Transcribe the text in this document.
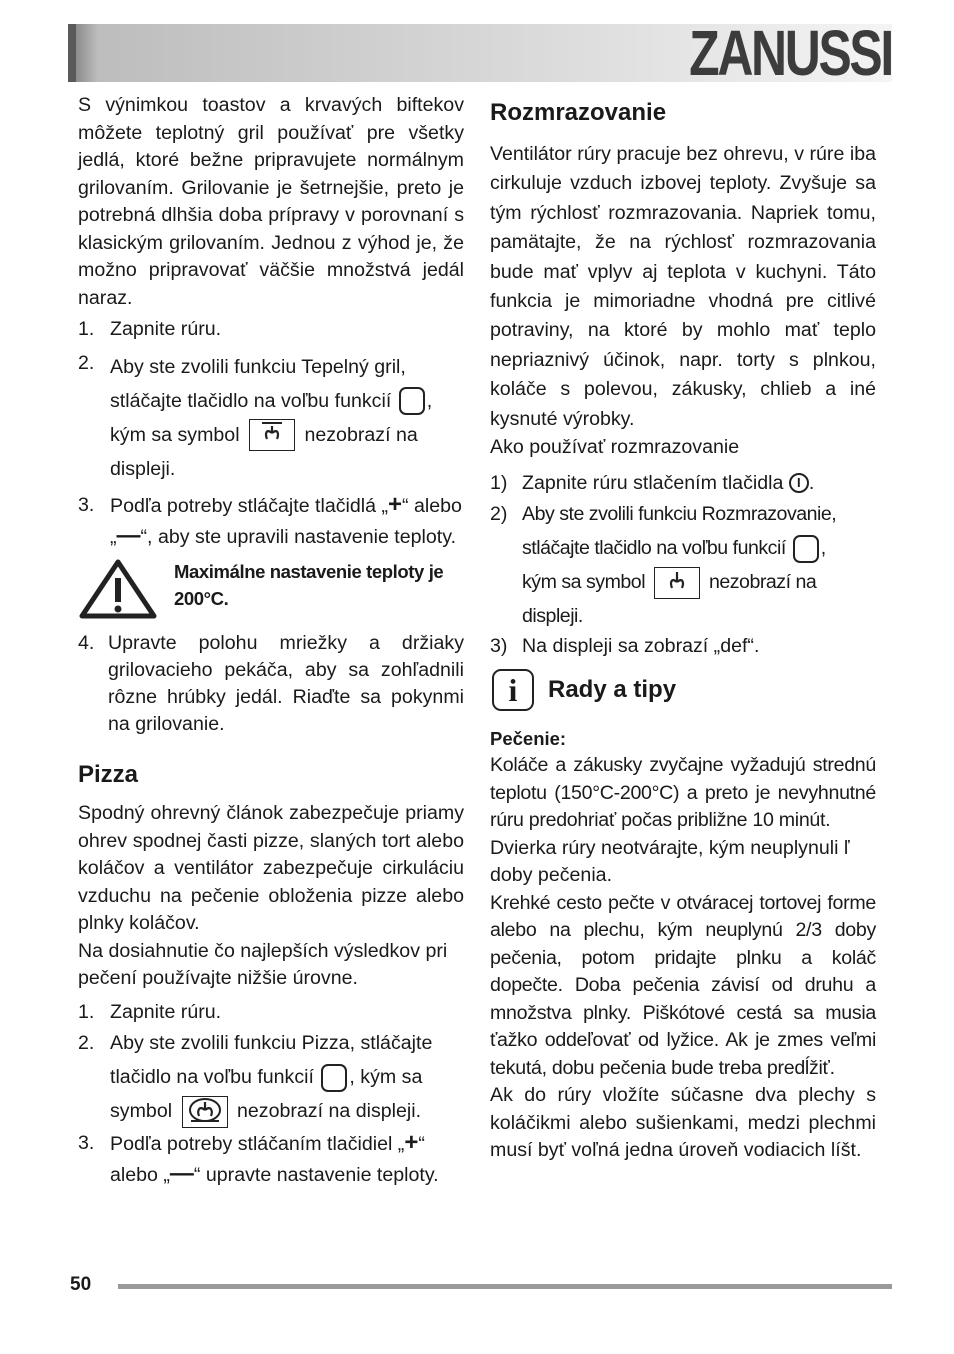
ZANUSSI

S výnimkou toastov a krvavých biftekov môžete teplotný gril používať pre všetky jedlá, ktoré bežne pripravujete normálnym grilovaním. Grilovanie je šetrnejšie, preto je potrebná dlhšia doba prípravy v porovnaní s klasickým grilovaním. Jednou z výhod je, že možno pripravovať väčšie množstvá jedál naraz.

1. Zapnite rúru.
2. Aby ste zvolili funkciu Tepelný gril, stláčajte tlačidlo na voľbu funkcií ,
kým sa symbol	nezobrazí na displeji.
3. Podľa potreby stláčajte tlačidlá „+“ alebo „—“, aby ste upravili nastavenie teploty.
Maximálne nastavenie teploty je 200°C.
4. Upravte polohu mriežky a držiaky grilovacieho pekáča, aby sa zohľadnili rôzne hrúbky jedál. Riaďte sa pokynmi na grilovanie.
Pizza

Spodný ohrevný článok zabezpečuje priamy ohrev spodnej časti pizze, slaných tort alebo koláčov a ventilátor zabezpečuje cirkuláciu vzduchu na pečenie obloženia pizze alebo plnky koláčov.

Na dosiahnutie čo najlepších výsledkov pri pečení používajte nižšie úrovne.

1. Zapnite rúru.
2. Aby ste zvolili funkciu Pizza, stláčajte tlačidlo na voľbu funkcií , kým sa symbol	nezobrazí na displeji.
3. Podľa potreby stláčaním tlačidiel „+“ alebo „—“ upravte nastavenie teploty.
Rozmrazovanie

Ventilátor rúry pracuje bez ohrevu, v rúre iba cirkuluje vzduch izbovej teploty. Zvyšuje sa tým rýchlosť rozmrazovania. Napriek tomu, pamätajte, že na rýchlosť rozmrazovania bude mať vplyv aj teplota v kuchyni. Táto funkcia je mimoriadne vhodná pre citlivé potraviny, na ktoré by mohlo mať teplo nepriaznivý účinok, napr. torty s plnkou, koláče s polevou, zákusky, chlieb a iné kysnuté výrobky.

Ako používať rozmrazovanie

1) Zapnite rúru stlačením tlačidla I .
2) Aby ste zvolili funkciu Rozmrazovanie, stláčajte tlačidlo na voľbu funkcií ,
kým sa symbol	nezobrazí na displeji.
3) Na displeji sa zobrazí „def“.
i	Rady a tipy

Pečenie:

Koláče a zákusky zvyčajne vyžadujú strednú teplotu (150°C-200°C) a preto je nevyhnutné rúru predohriať počas približne 10 minút.

Dvierka rúry neotvárajte, kým neuplynuli ľ doby pečenia.

Krehké cesto pečte v otváracej tortovej forme alebo na plechu, kým neuplynú 2/3 doby pečenia, potom pridajte plnku a koláč dopečte. Doba pečenia závisí od druhu a množstva plnky. Piškótové cestá sa musia ťažko oddeľovať od lyžice. Ak je zmes veľmi tekutá, dobu pečenia bude treba predĺžiť.

Ak do rúry vložíte súčasne dva plechy s koláčikmi alebo sušienkami, medzi plechmi musí byť voľná jedna úroveň vodiacich líšt.

50
